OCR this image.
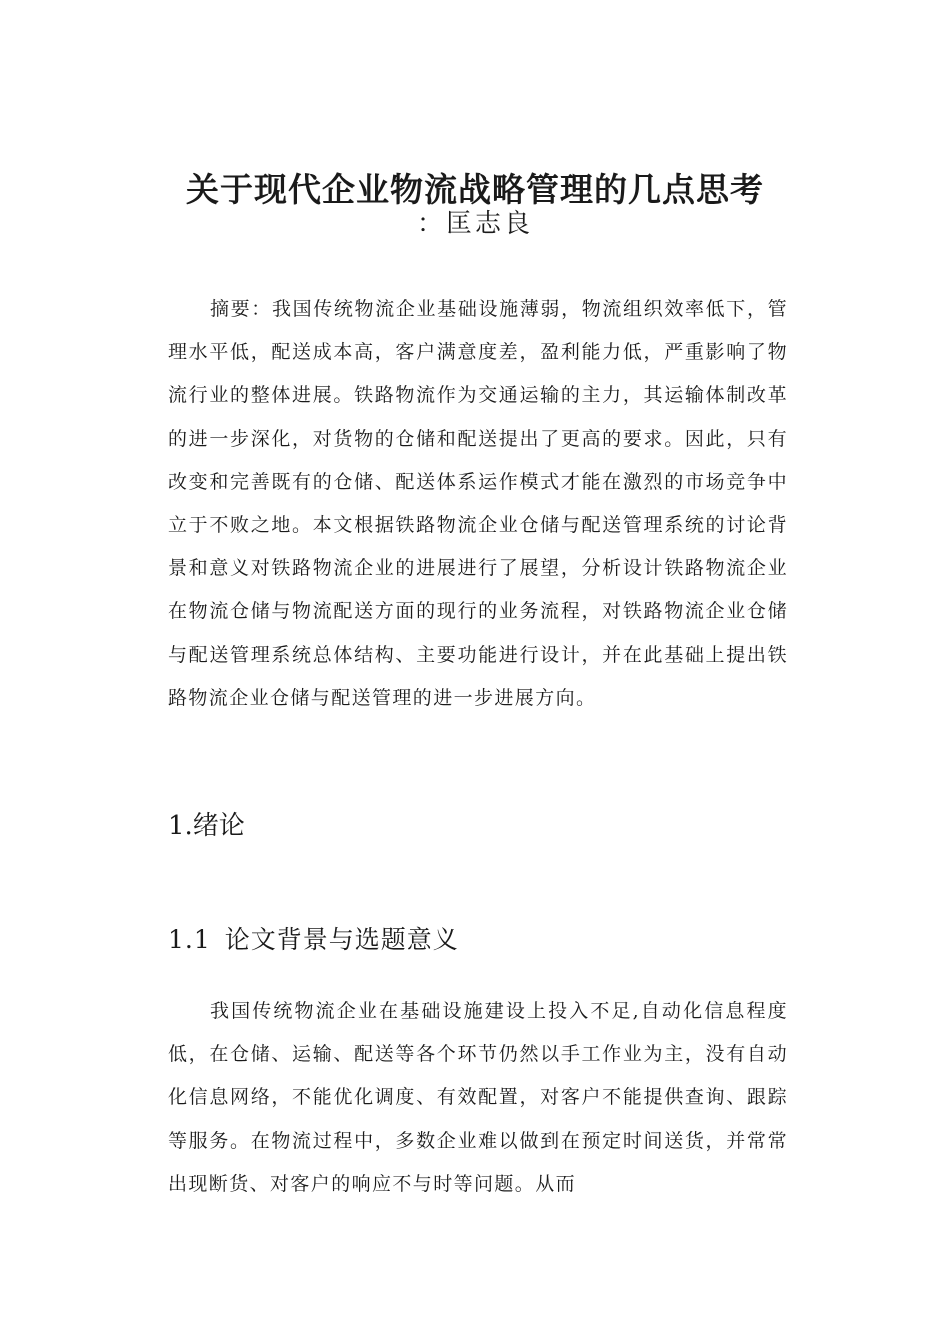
关于现代企业物流战略管理的几点思考
：匡志良

摘要：我国传统物流企业基础设施薄弱，物流组织效率低下，管理水平低，配送成本高，客户满意度差，盈利能力低，严重影响了物流行业的整体进展。铁路物流作为交通运输的主力，其运输体制改革的进一步深化，对货物的仓储和配送提出了更高的要求。因此，只有改变和完善既有的仓储、配送体系运作模式才能在激烈的市场竞争中立于不败之地。本文根据铁路物流企业仓储与配送管理系统的讨论背景和意义对铁路物流企业的进展进行了展望，分析设计铁路物流企业在物流仓储与物流配送方面的现行的业务流程，对铁路物流企业仓储与配送管理系统总体结构、主要功能进行设计，并在此基础上提出铁路物流企业仓储与配送管理的进一步进展方向。

1.绪论
1.1 论文背景与选题意义

我国传统物流企业在基础设施建设上投入不足,自动化信息程度低，在仓储、运输、配送等各个环节仍然以手工作业为主，没有自动化信息网络，不能优化调度、有效配置，对客户不能提供查询、跟踪等服务。在物流过程中，多数企业难以做到在预定时间送货，并常常出现断货、对客户的响应不与时等问题。从而
